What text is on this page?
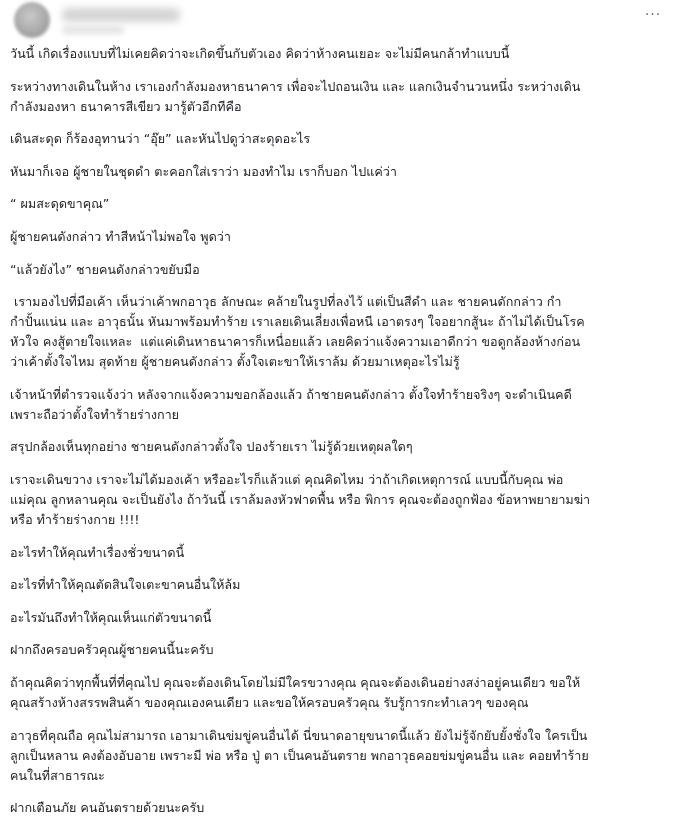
···

วันนี้ เกิดเรื่องแบบที่ไม่เคยคิดว่าจะเกิดขึ้นกับตัวเอง คิดว่าห้างคนเยอะ จะไม่มีคนกล้าทำแบบนี้

ระหว่างทางเดินในห้าง เราเองกำลังมองหาธนาคาร เพื่อจะไปถอนเงิน และ แลกเงินจำนวนหนึ่ง ระหว่างเดิน
กำลังมองหา ธนาคารสีเขียว มารู้ตัวอีกทีคือ

เดินสะดุด ก็ร้องอุทานว่า “อุ๊ย” และหันไปดูว่าสะดุดอะไร

หันมาก็เจอ ผู้ชายในชุดดำ ตะคอกใส่เราว่า มองทำไม เราก็บอก ไปแค่ว่า

“ ผมสะดุดขาคุณ”

ผู้ชายคนดังกล่าว ทำสีหน้าไม่พอใจ พูดว่า

“แล้วยังไง” ชายคนดังกล่าวขยับมือ

เรามองไปที่มือเค้า เห็นว่าเค้าพกอาวุธ ลักษณะ คล้ายในรูปที่ลงไว้ แต่เป็นสีดำ และ ชายคนดักกล่าว กำ
กำปั้นแน่น และ อาวุธนั้น หันมาพร้อมทำร้าย เราเลยเดินเลี่ยงเพื่อหนี เอาตรงๆ ใจอยากสู้นะ ถ้าไม่ได้เป็นโรค
หัวใจ คงสู้ตายใจแหละ  แต่แค่เดินหาธนาคารก็เหนื่อยแล้ว เลยคิดว่าแจ้งความเอาดีกว่า ขอดูกล้องห้างก่อน
ว่าเค้าตั้งใจไหม สุดท้าย ผู้ชายคนดังกล่าว ตั้งใจเตะขาให้เราล้ม ด้วยมาเหตุอะไรไม่รู้

เจ้าหน้าที่ตำรวจแจ้งว่า หลังจากแจ้งความขอกล้องแล้ว ถ้าชายคนดังกล่าว ตั้งใจทำร้ายจริงๆ จะดำเนินคดี
เพราะถือว่าตั้งใจทำร้ายร่างกาย

สรุปกล้องเห็นทุกอย่าง ชายคนดังกล่าวตั้งใจ ปองร้ายเรา ไม่รู้ด้วยเหตุผลใดๆ

เราจะเดินขวาง เราจะไม่ได้มองเค้า หรืออะไรก็แล้วแต่ คุณคิดไหม ว่าถ้าเกิดเหตุการณ์ แบบนี้กับคุณ พ่อ
แม่คุณ ลูกหลานคุณ จะเป็นยังไง ถ้าวันนี้ เราล้มลงหัวฟาดพื้น หรือ พิการ คุณจะต้องถูกฟ้อง ข้อหาพยายามฆ่า
หรือ ทำร้ายร่างกาย !!!!

อะไรทำให้คุณทำเรื่องชั่วขนาดนี้

อะไรที่ทำให้คุณตัดสินใจเตะขาคนอื่นให้ล้ม

อะไรมันถึงทำให้คุณเห็นแก่ตัวขนาดนี้

ฝากถึงครอบครัวคุณผู้ชายคนนี้นะครับ

ถ้าคุณคิดว่าทุกพื้นที่ที่คุณไป คุณจะต้องเดินโดยไม่มีใครขวางคุณ คุณจะต้องเดินอย่างสง่าอยู่คนเดียว ขอให้
คุณสร้างห้างสรรพสินค้า ของคุณเองคนเดียว และขอให้ครอบครัวคุณ รับรู้การกะทำเลวๆ ของคุณ

อาวุธที่คุณถือ คุณไม่สามารถ เอามาเดินข่มขู่คนอื่นได้ นี่ขนาดอายุขนาดนี้แล้ว ยังไม่รู้จักยับยั้งชั่งใจ ใครเป็น
ลูกเป็นหลาน คงต้องอับอาย เพราะมี พ่อ หรือ ปู่ ตา เป็นคนอันตราย พกอาวุธคอยข่มขู่คนอื่น และ คอยทำร้าย
คนในที่สาธารณะ

ฝากเตือนภัย คนอันตรายด้วยนะครับ
